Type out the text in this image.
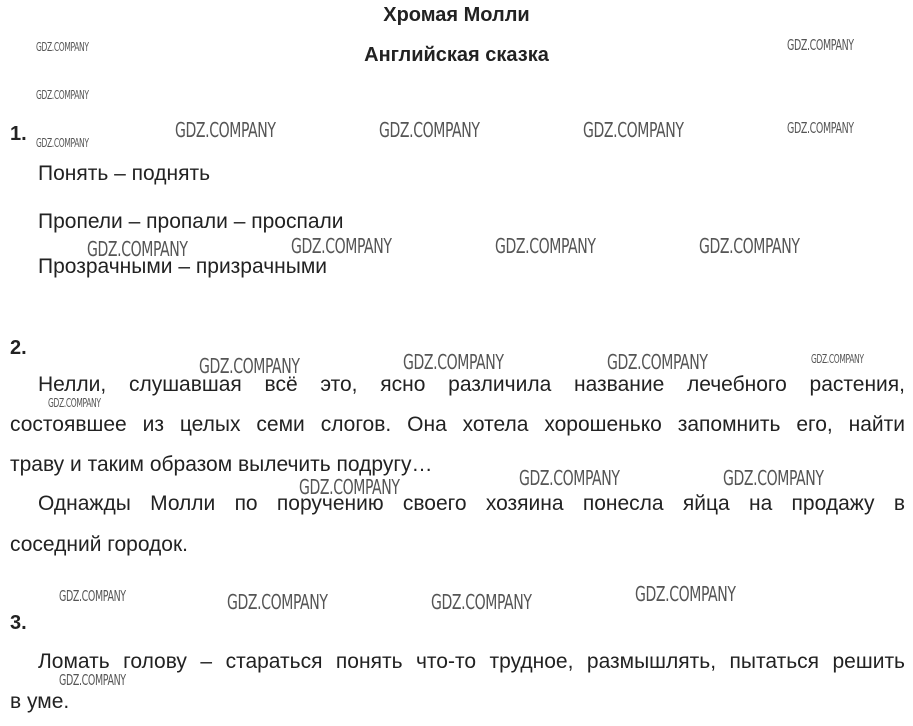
Хромая Молли
Английская сказка
1.
Понять – поднять
Пропели – пропали – проспали
Прозрачными – призрачными
2.
Нелли, слушавшая всё это, ясно различила название лечебного растения,
состоявшее из целых семи слогов. Она хотела хорошенько запомнить его, найти
траву и таким образом вылечить подругу…
Однажды Молли по поручению своего хозяина понесла яйца на продажу в
соседний городок.
3.
Ломать голову – стараться понять что-то трудное, размышлять, пытаться решить
в уме.
GDZ.COMPANY
GDZ.COMPANY
GDZ.COMPANY
GDZ.COMPANY
GDZ.COMPANY
GDZ.COMPANY
GDZ.COMPANY
GDZ.COMPANY
GDZ.COMPANY
GDZ.COMPANY	GDZ.COMPANY	GDZ.COMPANY
GDZ.COMPANY	GDZ.COMPANY	GDZ.COMPANY	GDZ.COMPANY
GDZ.COMPANY	GDZ.COMPANY	GDZ.COMPANY
GDZ.COMPANY	GDZ.COMPANY
GDZ.COMPANY
GDZ.COMPANY	GDZ.COMPANY	GDZ.COMPANY
